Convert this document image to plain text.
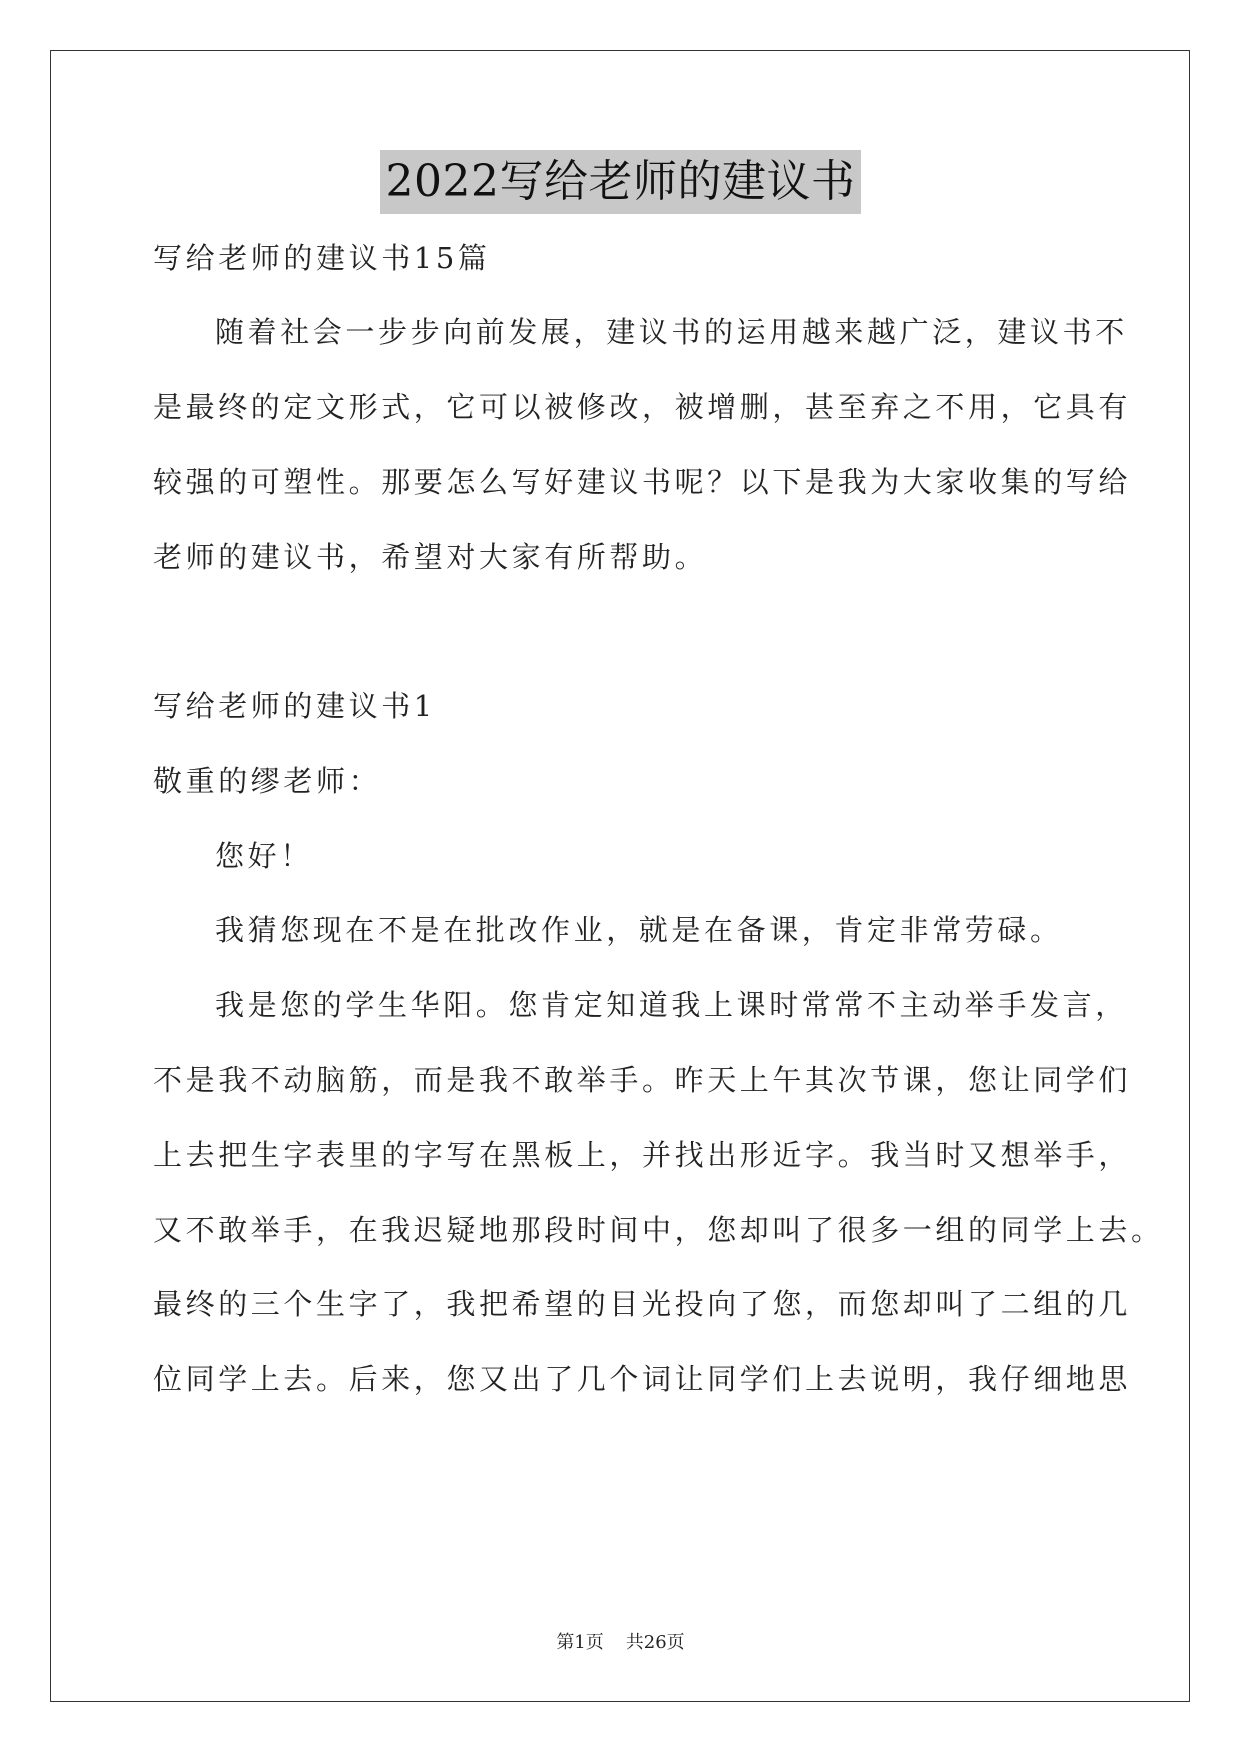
2022写给老师的建议书
写给老师的建议书15篇
随着社会一步步向前发展，建议书的运用越来越广泛，建议书不
是最终的定文形式，它可以被修改，被增删，甚至弃之不用，它具有
较强的可塑性。那要怎么写好建议书呢？以下是我为大家收集的写给
老师的建议书，希望对大家有所帮助。
写给老师的建议书1
敬重的缪老师：
您好！
我猜您现在不是在批改作业，就是在备课，肯定非常劳碌。
我是您的学生华阳。您肯定知道我上课时常常不主动举手发言，
不是我不动脑筋，而是我不敢举手。昨天上午其次节课，您让同学们
上去把生字表里的字写在黑板上，并找出形近字。我当时又想举手，
又不敢举手，在我迟疑地那段时间中，您却叫了很多一组的同学上去。
最终的三个生字了，我把希望的目光投向了您，而您却叫了二组的几
位同学上去。后来，您又出了几个词让同学们上去说明，我仔细地思
第1页 共26页
